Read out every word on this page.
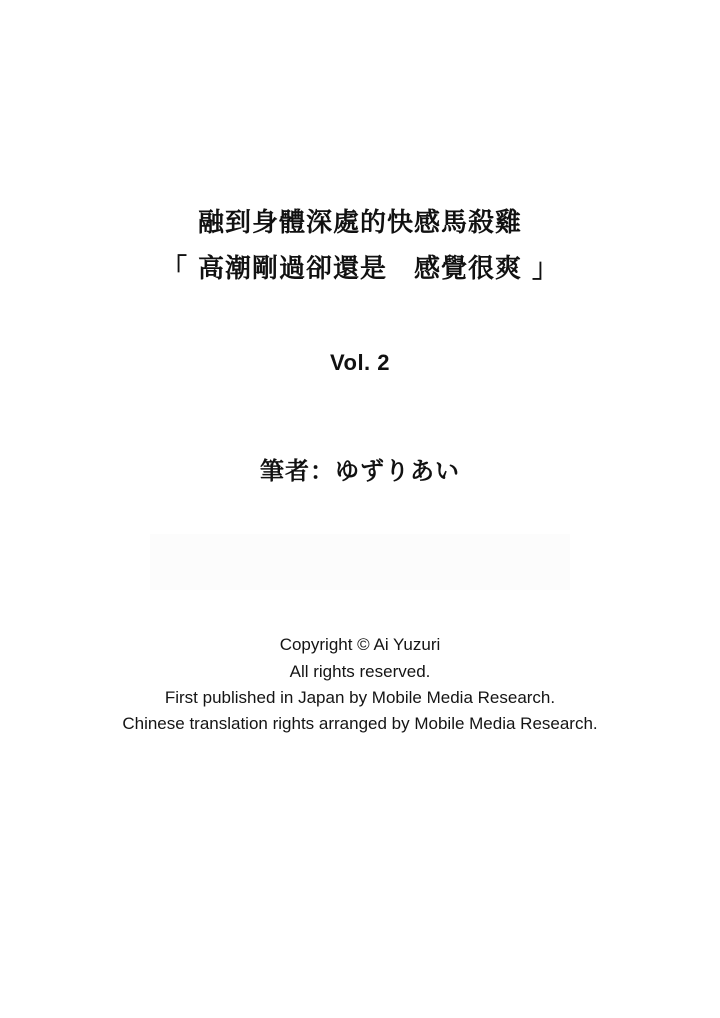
融到身體深處的快感馬殺雞
「 高潮剛過卻還是　感覺很爽 」
Vol. 2
筆者：ゆずりあい
Copyright © Ai Yuzuri
All rights reserved.
First published in Japan by Mobile Media Research.
Chinese translation rights arranged by Mobile Media Research.
